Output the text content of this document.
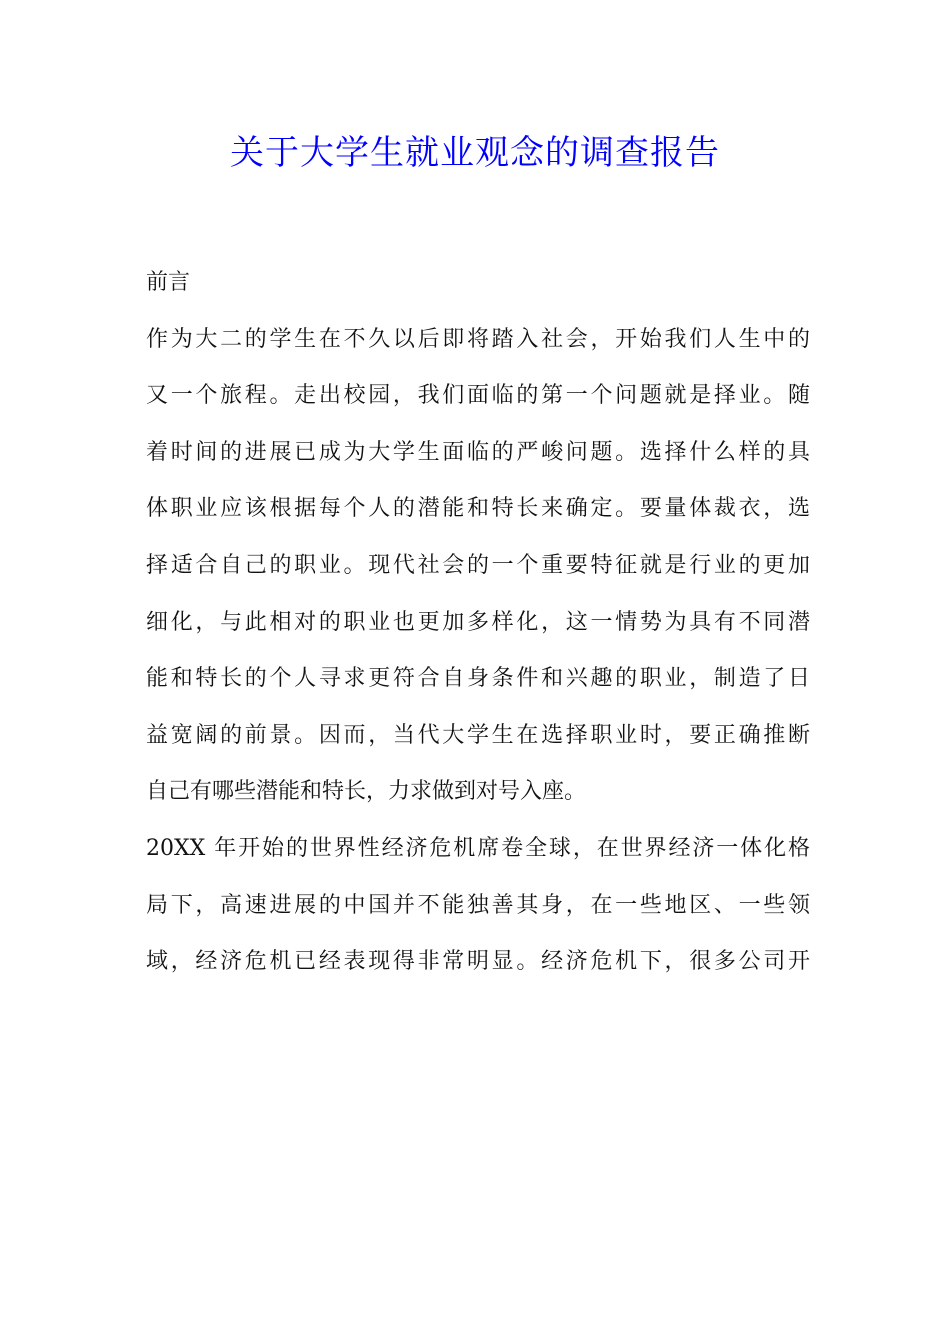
关于大学生就业观念的调查报告
前言
作为大二的学生在不久以后即将踏入社会，开始我们人生中的
又一个旅程。走出校园，我们面临的第一个问题就是择业。随
着时间的进展已成为大学生面临的严峻问题。选择什么样的具
体职业应该根据每个人的潜能和特长来确定。要量体裁衣，选
择适合自己的职业。现代社会的一个重要特征就是行业的更加
细化，与此相对的职业也更加多样化，这一情势为具有不同潜
能和特长的个人寻求更符合自身条件和兴趣的职业，制造了日
益宽阔的前景。因而，当代大学生在选择职业时，要正确推断
自己有哪些潜能和特长，力求做到对号入座。
20XX 年开始的世界性经济危机席卷全球，在世界经济一体化格
局下，高速进展的中国并不能独善其身，在一些地区、一些领
域，经济危机已经表现得非常明显。经济危机下，很多公司开
